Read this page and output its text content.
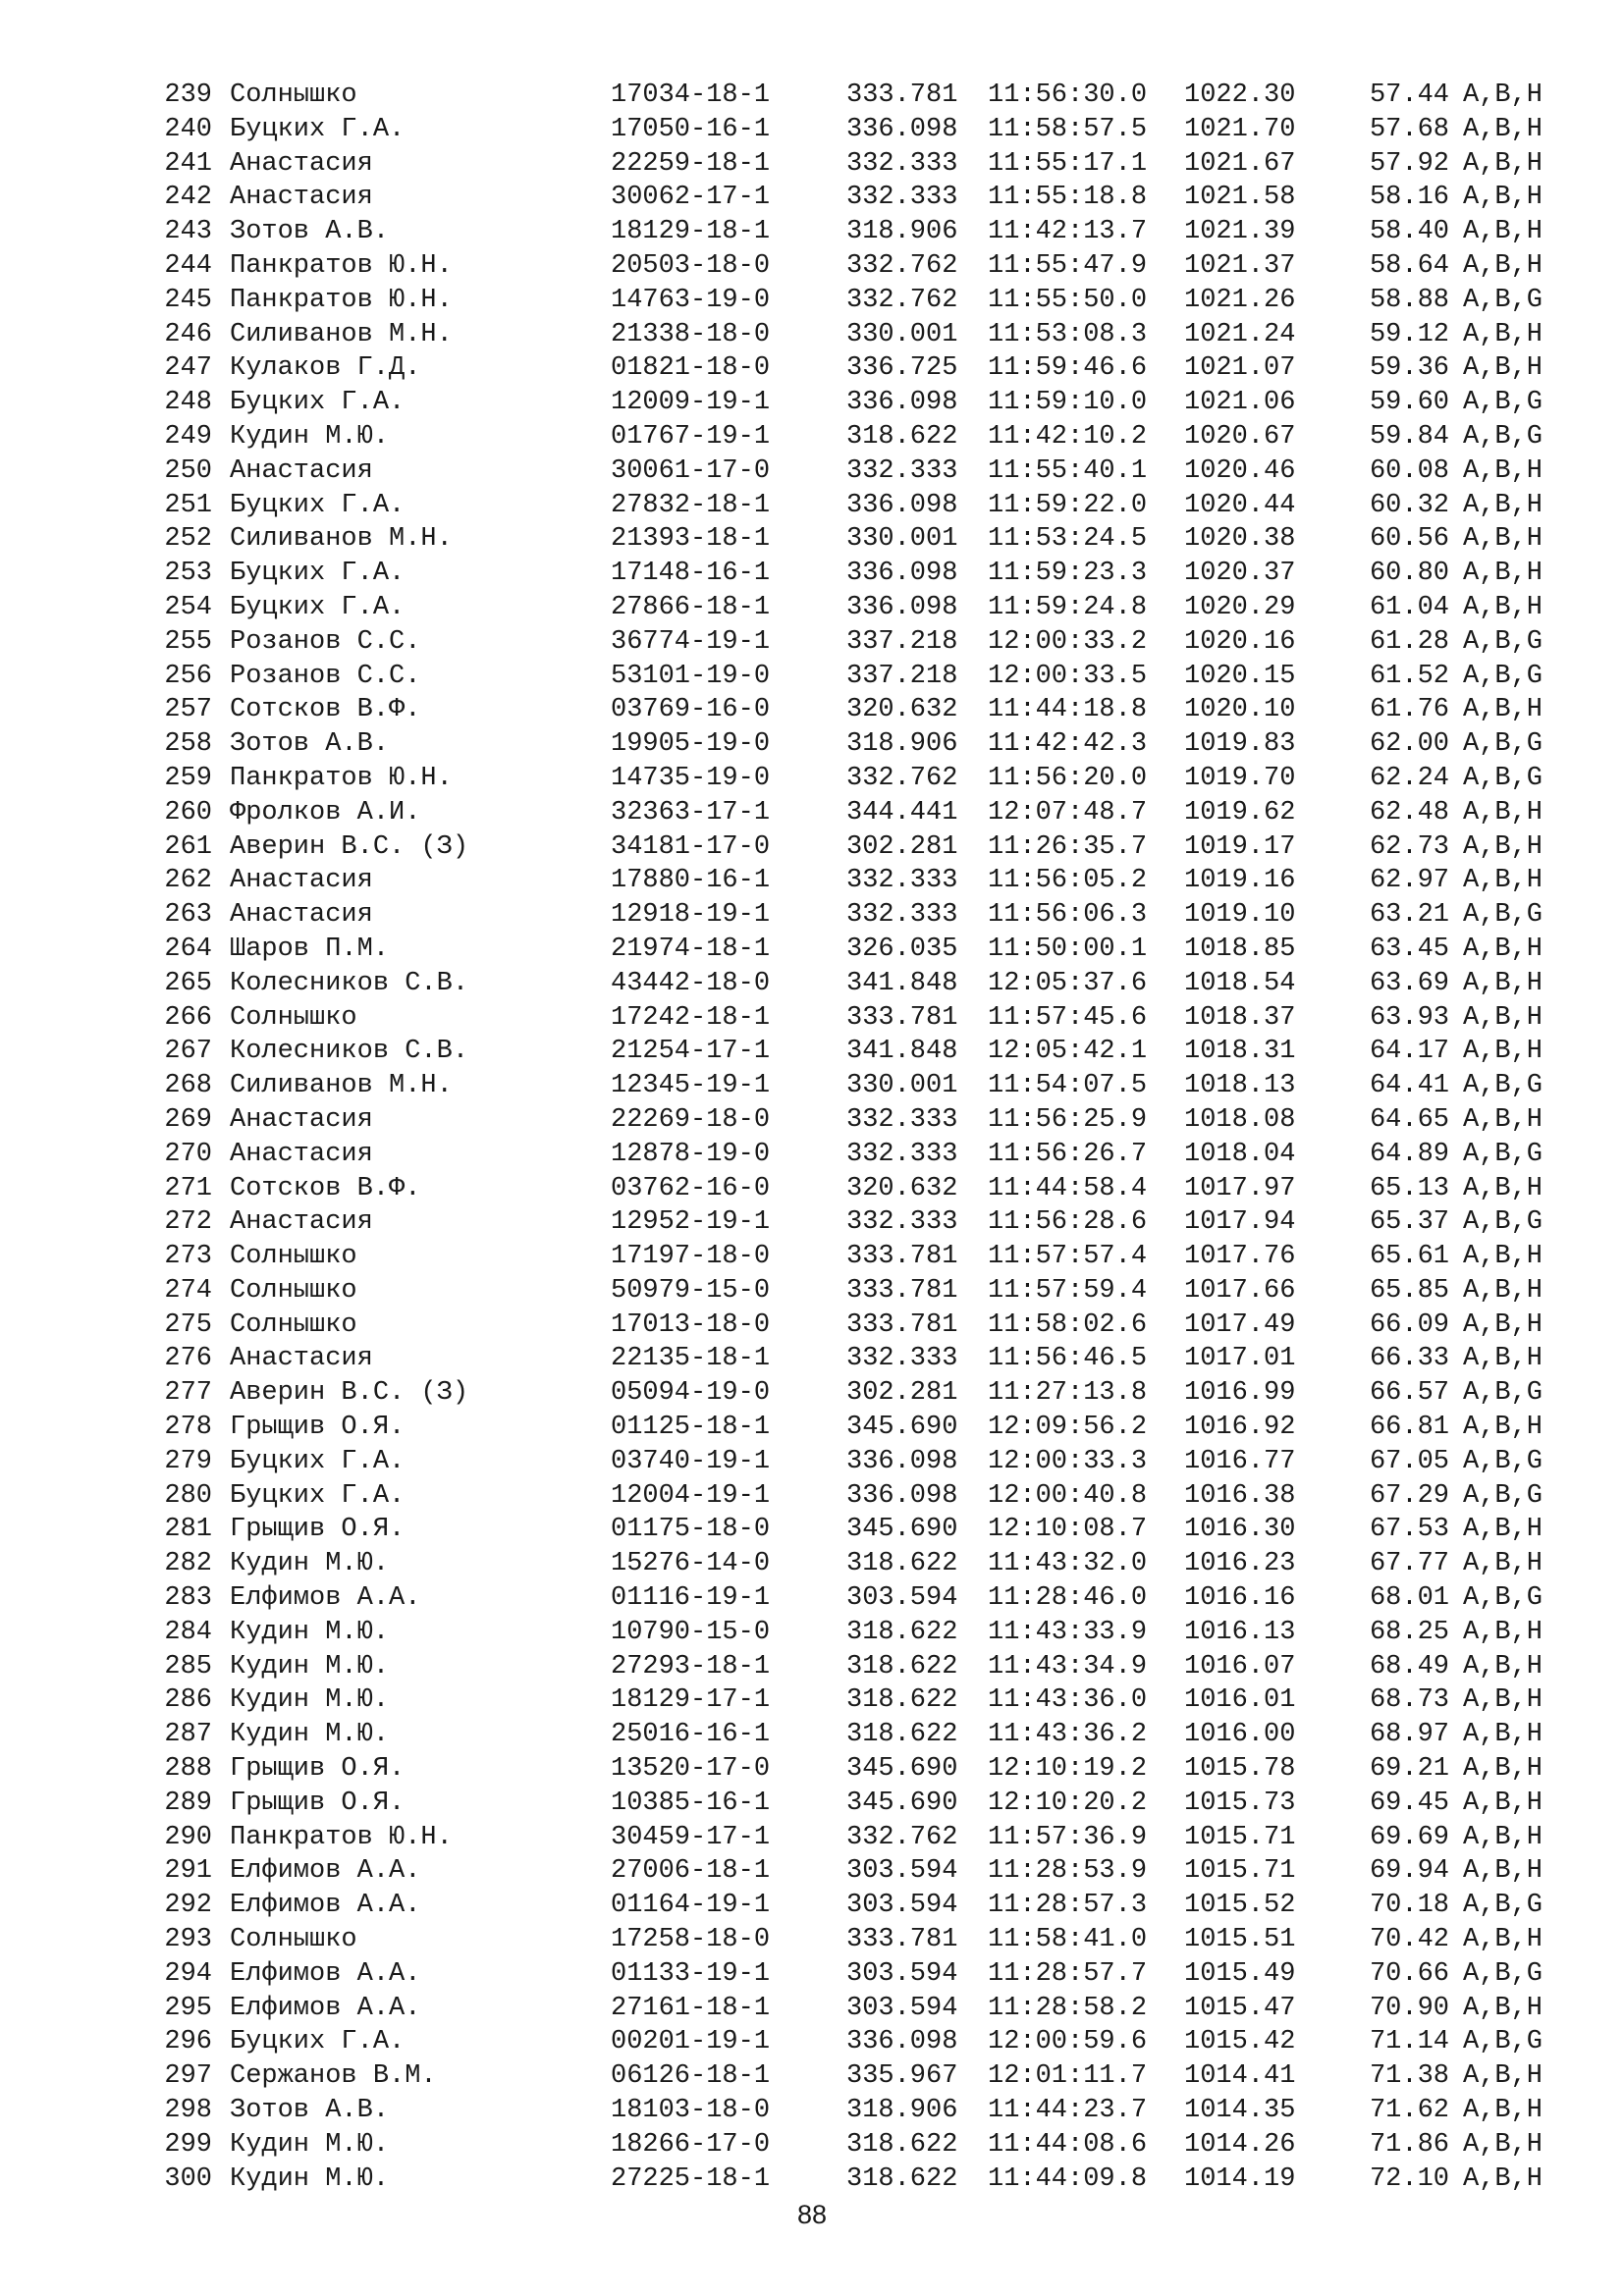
239 Солнышко	17034-18-1	333.781 11:56:30.0 1022.30	57.44 A,B,H
240 Буцких Г.А.	17050-16-1	336.098 11:58:57.5 1021.70	57.68 A,B,H
241 Анастасия	22259-18-1	332.333 11:55:17.1 1021.67	57.92 A,B,H
242 Анастасия	30062-17-1	332.333 11:55:18.8 1021.58	58.16 A,B,H
243 Зотов А.В.	18129-18-1	318.906 11:42:13.7 1021.39	58.40 A,B,H
244 Панкратов Ю.Н.	20503-18-0	332.762 11:55:47.9 1021.37	58.64 A,B,H
245 Панкратов Ю.Н.	14763-19-0	332.762 11:55:50.0 1021.26	58.88 A,B,G
246 Силиванов М.Н.	21338-18-0	330.001 11:53:08.3 1021.24	59.12 A,B,H
247 Кулаков Г.Д.	01821-18-0	336.725 11:59:46.6 1021.07	59.36 A,B,H
248 Буцких Г.А.	12009-19-1	336.098 11:59:10.0 1021.06	59.60 A,B,G
249 Кудин М.Ю.	01767-19-1	318.622 11:42:10.2 1020.67	59.84 A,B,G
250 Анастасия	30061-17-0	332.333 11:55:40.1 1020.46	60.08 A,B,H
251 Буцких Г.А.	27832-18-1	336.098 11:59:22.0 1020.44	60.32 A,B,H
252 Силиванов М.Н.	21393-18-1	330.001 11:53:24.5 1020.38	60.56 A,B,H
253 Буцких Г.А.	17148-16-1	336.098 11:59:23.3 1020.37	60.80 A,B,H
254 Буцких Г.А.	27866-18-1	336.098 11:59:24.8 1020.29	61.04 A,B,H
255 Розанов С.С.	36774-19-1	337.218 12:00:33.2 1020.16	61.28 A,B,G
256 Розанов С.С.	53101-19-0	337.218 12:00:33.5 1020.15	61.52 A,B,G
257 Сотсков В.Ф.	03769-16-0	320.632 11:44:18.8 1020.10	61.76 A,B,H
258 Зотов А.В.	19905-19-0	318.906 11:42:42.3 1019.83	62.00 A,B,G
259 Панкратов Ю.Н.	14735-19-0	332.762 11:56:20.0 1019.70	62.24 A,B,G
260 Фролков А.И.	32363-17-1	344.441 12:07:48.7 1019.62	62.48 A,B,H
261 Аверин В.С. (З)	34181-17-0	302.281 11:26:35.7 1019.17	62.73 A,B,H
262 Анастасия	17880-16-1	332.333 11:56:05.2 1019.16	62.97 A,B,H
263 Анастасия	12918-19-1	332.333 11:56:06.3 1019.10	63.21 A,B,G
264 Шаров П.М.	21974-18-1	326.035 11:50:00.1 1018.85	63.45 A,B,H
265 Колесников С.В.	43442-18-0	341.848 12:05:37.6 1018.54	63.69 A,B,H
266 Солнышко	17242-18-1	333.781 11:57:45.6 1018.37	63.93 A,B,H
267 Колесников С.В.	21254-17-1	341.848 12:05:42.1 1018.31	64.17 A,B,H
268 Силиванов М.Н.	12345-19-1	330.001 11:54:07.5 1018.13	64.41 A,B,G
269 Анастасия	22269-18-0	332.333 11:56:25.9 1018.08	64.65 A,B,H
270 Анастасия	12878-19-0	332.333 11:56:26.7 1018.04	64.89 A,B,G
271 Сотсков В.Ф.	03762-16-0	320.632 11:44:58.4 1017.97	65.13 A,B,H
272 Анастасия	12952-19-1	332.333 11:56:28.6 1017.94	65.37 A,B,G
273 Солнышко	17197-18-0	333.781 11:57:57.4 1017.76	65.61 A,B,H
274 Солнышко	50979-15-0	333.781 11:57:59.4 1017.66	65.85 A,B,H
275 Солнышко	17013-18-0	333.781 11:58:02.6 1017.49	66.09 A,B,H
276 Анастасия	22135-18-1	332.333 11:56:46.5 1017.01	66.33 A,B,H
277 Аверин В.С. (З)	05094-19-0	302.281 11:27:13.8 1016.99	66.57 A,B,G
278 Грыщив О.Я.	01125-18-1	345.690 12:09:56.2 1016.92	66.81 A,B,H
279 Буцких Г.А.	03740-19-1	336.098 12:00:33.3 1016.77	67.05 A,B,G
280 Буцких Г.А.	12004-19-1	336.098 12:00:40.8 1016.38	67.29 A,B,G
281 Грыщив О.Я.	01175-18-0	345.690 12:10:08.7 1016.30	67.53 A,B,H
282 Кудин М.Ю.	15276-14-0	318.622 11:43:32.0 1016.23	67.77 A,B,H
283 Елфимов А.А.	01116-19-1	303.594 11:28:46.0 1016.16	68.01 A,B,G
284 Кудин М.Ю.	10790-15-0	318.622 11:43:33.9 1016.13	68.25 A,B,H
285 Кудин М.Ю.	27293-18-1	318.622 11:43:34.9 1016.07	68.49 A,B,H
286 Кудин М.Ю.	18129-17-1	318.622 11:43:36.0 1016.01	68.73 A,B,H
287 Кудин М.Ю.	25016-16-1	318.622 11:43:36.2 1016.00	68.97 A,B,H
288 Грыщив О.Я.	13520-17-0	345.690 12:10:19.2 1015.78	69.21 A,B,H
289 Грыщив О.Я.	10385-16-1	345.690 12:10:20.2 1015.73	69.45 A,B,H
290 Панкратов Ю.Н.	30459-17-1	332.762 11:57:36.9 1015.71	69.69 A,B,H
291 Елфимов А.А.	27006-18-1	303.594 11:28:53.9 1015.71	69.94 A,B,H
292 Елфимов А.А.	01164-19-1	303.594 11:28:57.3 1015.52	70.18 A,B,G
293 Солнышко	17258-18-0	333.781 11:58:41.0 1015.51	70.42 A,B,H
294 Елфимов А.А.	01133-19-1	303.594 11:28:57.7 1015.49	70.66 A,B,G
295 Елфимов А.А.	27161-18-1	303.594 11:28:58.2 1015.47	70.90 A,B,H
296 Буцких Г.А.	00201-19-1	336.098 12:00:59.6 1015.42	71.14 A,B,G
297 Сержанов В.М.	06126-18-1	335.967 12:01:11.7 1014.41	71.38 A,B,H
298 Зотов А.В.	18103-18-0	318.906 11:44:23.7 1014.35	71.62 A,B,H
299 Кудин М.Ю.	18266-17-0	318.622 11:44:08.6 1014.26	71.86 A,B,H
300 Кудин М.Ю.	27225-18-1	318.622 11:44:09.8 1014.19	72.10 A,B,H
88
